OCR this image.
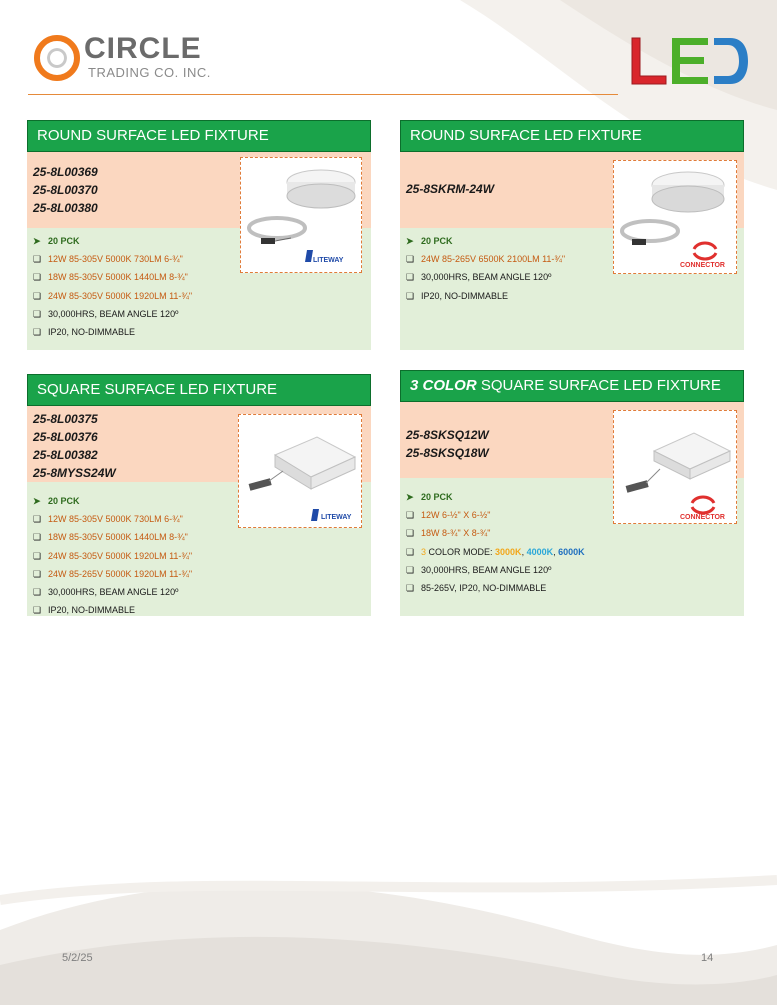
CIRCLE
TRADING CO. INC.
ROUND SURFACE LED FIXTURE
25-8L00369
25-8L00370
25-8L00380
➤ 20 PCK
❏ 12W 85-305V 5000K 730LM 6-¾"
❏ 18W 85-305V 5000K 1440LM 8-¾"
❏ 24W 85-305V 5000K 1920LM 11-¾"
❏ 30,000HRS, BEAM ANGLE 120º
❏ IP20, NO-DIMMABLE
LITEWAY
ROUND SURFACE LED FIXTURE
25-8SKRM-24W
➤ 20 PCK
❏ 24W 85-265V 6500K 2100LM 11-¾"
❏ 30,000HRS, BEAM ANGLE 120º
❏ IP20, NO-DIMMABLE
CONNECTOR
SQUARE SURFACE LED FIXTURE
25-8L00375
25-8L00376
25-8L00382
25-8MYSS24W
➤ 20 PCK
❏ 12W 85-305V 5000K 730LM 6-¾"
❏ 18W 85-305V 5000K 1440LM 8-¾"
❏ 24W 85-305V 5000K 1920LM 11-¾"
❏ 24W 85-265V 5000K 1920LM 11-¾"
❏ 30,000HRS, BEAM ANGLE 120º
❏ IP20, NO-DIMMABLE
LITEWAY
3 COLOR SQUARE SURFACE LED FIXTURE
25-8SKSQ12W
25-8SKSQ18W
➤ 20 PCK
❏ 12W 6-½" X 6-½"
❏ 18W 8-¾" X 8-¾"
❏ 3 COLOR MODE: 3000K, 4000K, 6000K
❏ 30,000HRS, BEAM ANGLE 120º
❏ 85-265V, IP20, NO-DIMMABLE
CONNECTOR
5/2/25	14
